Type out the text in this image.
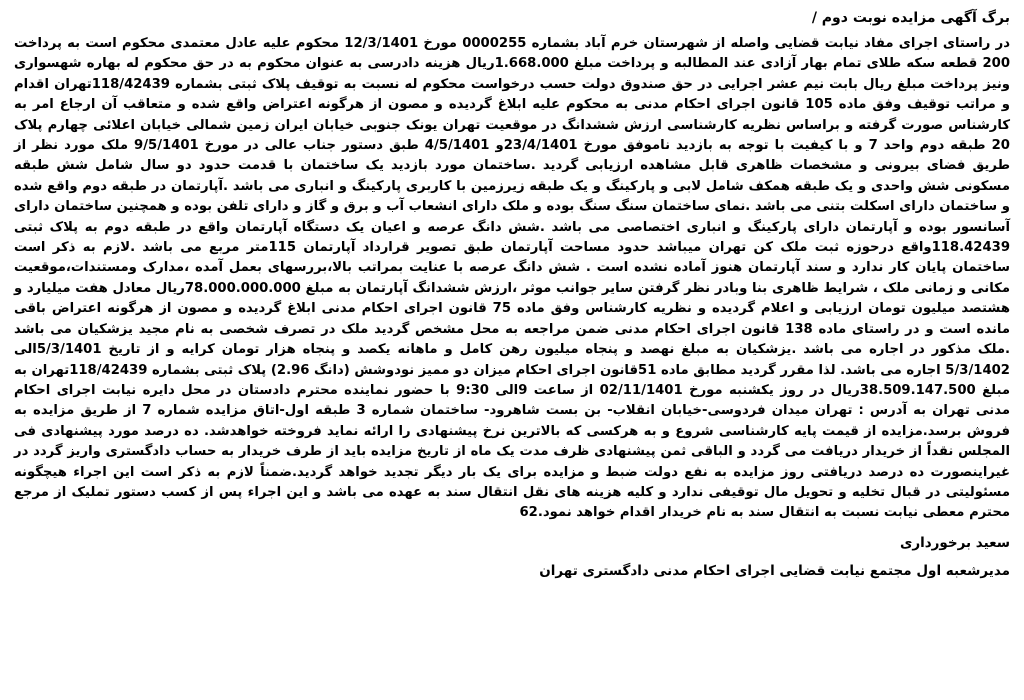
برگ آگهی مزایده نوبت دوم /

در راستای اجرای مفاد نیابت قضایی واصله از شهرستان خرم آباد بشماره 0000255 مورخ 12/3/1401 محکوم علیه عادل معتمدی محکوم است به پرداخت 200 قطعه سکه طلای تمام بهار آزادی عند المطالبه و پرداخت مبلغ 1.668.000ریال هزینه دادرسی به عنوان محکوم به در حق محکوم له بهاره شهسواری ونیز پرداخت مبلغ ریال بابت نیم عشر اجرایی در حق صندوق دولت حسب درخواست محکوم له نسبت به توقیف پلاک ثبتی بشماره 118/42439تهران اقدام و مراتب توقیف وفق ماده 105 قانون اجرای احکام مدنی به محکوم علیه ابلاغ گردیده و مصون از هرگونه اعتراض واقع شده و متعاقب آن ارجاع امر به کارشناس صورت گرفته و براساس نظریه کارشناسی ارزش ششدانگ در موقعیت تهران یونک جنوبی خیابان ایران زمین شمالی خیابان اعلائی چهارم پلاک 20 طبقه دوم واحد 7 و با کیفیت با توجه به بازدید ناموفق مورخ 23/4/1401و 4/5/1401 طبق دستور جناب عالی در مورخ 9/5/1401 ملک مورد نظر از طریق فضای بیرونی و مشخصات ظاهری قابل مشاهده ارزیابی گردید .ساختمان مورد بازدید یک ساختمان با قدمت حدود دو سال شامل شش طبقه مسکونی شش واحدی و یک طبقه همکف شامل لابی و پارکینگ و یک طبقه زیرزمین با کاربری پارکینگ و انباری می باشد .آپارتمان در طبقه دوم واقع شده و ساختمان دارای اسکلت بتنی می باشد .نمای ساختمان سنگ سنگ بوده و ملک دارای انشعاب آب و برق و گاز و دارای تلفن بوده و همچنین ساختمان دارای آسانسور بوده و آپارتمان دارای پارکینگ و انباری اختصاصی می باشد .شش دانگ عرصه و اعیان یک دستگاه آپارتمان واقع در طبقه دوم به پلاک ثبتی 118.42439واقع درحوزه ثبت ملک کن تهران میباشد حدود مساحت آپارتمان طبق تصویر قرارداد آپارتمان 115متر مربع می باشد .لازم به ذکر است ساختمان پایان کار ندارد و سند آپارتمان هنوز آماده نشده است . شش دانگ عرصه با عنایت بمراتب بالا،بررسهای بعمل آمده ،مدارک ومستندات،موقعیت مکانی و زمانی ملک ، شرایط ظاهری بنا وبادر نظر گرفتن سایر جوانب موثر ،ارزش ششدانگ آپارتمان به مبلغ 78.000.000.000ریال معادل هفت میلیارد و هشتصد میلیون تومان ارزیابی و اعلام گردیده و نظریه کارشناس وفق ماده 75 قانون اجرای احکام مدنی ابلاغ گردیده و مصون از هرگونه اعتراض باقی مانده است و در راستای ماده 138 قانون اجرای احکام مدنی ضمن مراجعه به محل مشخص گردید ملک در تصرف شخصی به نام مجید یزشکیان می باشد .ملک مذکور در اجاره می باشد .یزشکیان به مبلغ نهصد و پنجاه میلیون رهن کامل و ماهانه یکصد و پنجاه هزار تومان کرایه و از تاریخ 5/3/1401الی 5/3/1402 اجاره می باشد. لذا مقرر گردید مطابق ماده 51قانون اجرای احکام میزان دو ممیز نودوشش (دانگ 2.96) پلاک ثبتی بشماره 118/42439تهران به مبلغ 38.509.147.500ریال در روز یکشنبه مورخ 02/11/1401 از ساعت 9الی 9:30 با حضور نماینده محترم دادستان در محل دایره نیابت اجرای احکام مدنی تهران به آدرس : تهران میدان فردوسی-خیابان انقلاب- بن بست شاهرود- ساختمان شماره 3 طبقه اول-اتاق مزایده شماره 7 از طریق مزایده به فروش برسد.مزایده از قیمت پایه کارشناسی شروع و به هرکسی که بالاترین نرخ پیشنهادی را ارائه نماید فروخته خواهدشد. ده درصد مورد پیشنهادی فی المجلس نقداً از خریدار دریافت می گردد و الباقی ثمن پیشنهادی ظرف مدت یک ماه از تاریخ مزایده باید از طرف خریدار به حساب دادگستری واریز گردد در غیراینصورت ده درصد دریافتی روز مزایده به نفع دولت ضبط و مزایده برای یک بار دیگر تجدید خواهد گردید.ضمناً لازم به ذکر است این اجراء هیچگونه مسئولیتی در قبال تخلیه و تحویل مال توقیفی ندارد و کلیه هزینه های نقل انتقال سند به عهده می باشد و این اجراء پس از کسب دستور تملیک از مرجع محترم معطی نیابت نسبت به انتقال سند به نام خریدار اقدام خواهد نمود.62

سعید برخورداری
مدیرشعبه اول مجتمع نیابت قضایی اجرای احکام مدنی دادگستری تهران
